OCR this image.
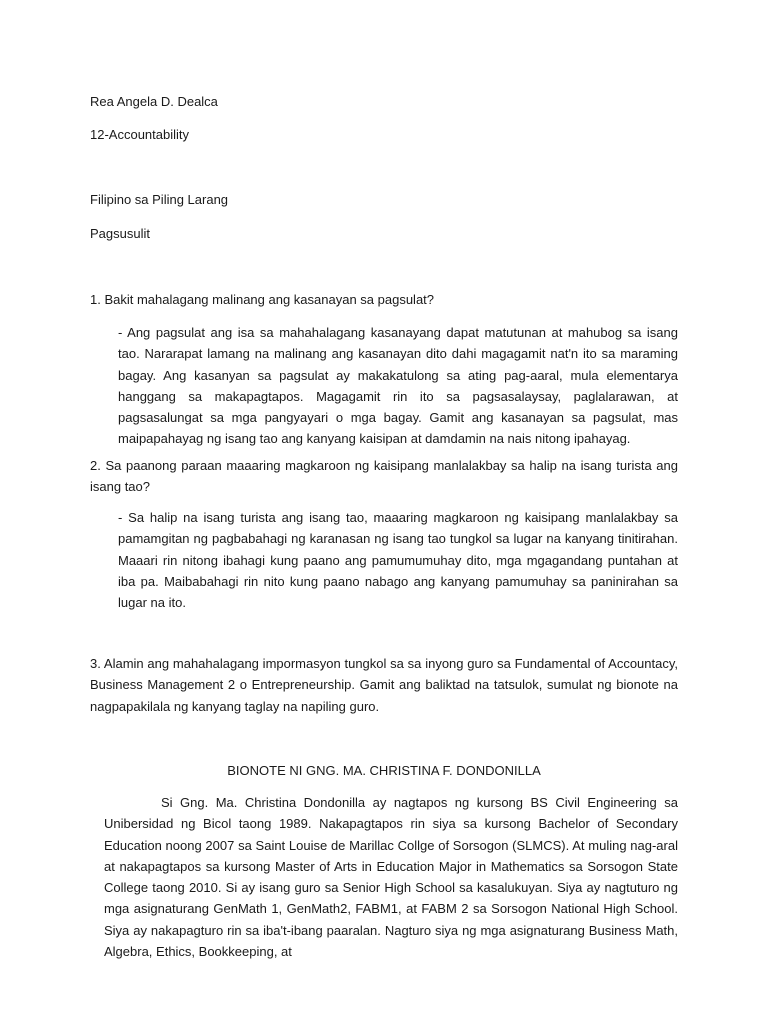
Rea Angela D. Dealca
12-Accountability
Filipino sa Piling Larang
Pagsusulit
1. Bakit mahalagang malinang ang kasanayan sa pagsulat?

- Ang pagsulat ang isa sa mahahalagang kasanayang dapat matutunan at mahubog sa isang tao. Nararapat lamang na malinang ang kasanayan dito dahi magagamit nat'n ito sa maraming bagay. Ang kasanyan sa pagsulat ay makakatulong sa ating pag-aaral, mula elementarya hanggang sa makapagtapos. Magagamit rin ito sa pagsasalaysay, paglalarawan, at pagsasalungat sa mga pangyayari o mga bagay. Gamit ang kasanayan sa pagsulat, mas maipapahayag ng isang tao ang kanyang kaisipan at damdamin na nais nitong ipahayag.

2. Sa paanong paraan maaaring magkaroon ng kaisipang manlalakbay sa halip na isang turista ang isang tao?

- Sa halip na isang turista ang isang tao, maaaring magkaroon ng kaisipang manlalakbay sa pamamgitan ng pagbabahagi ng karanasan ng isang tao tungkol sa lugar na kanyang tinitirahan. Maaari rin nitong ibahagi kung paano ang pamumumuhay dito, mga mgagandang puntahan at iba pa. Maibabahagi rin nito kung paano nabago ang kanyang pamumuhay sa paninirahan sa lugar na ito.

3. Alamin ang mahahalagang impormasyon tungkol sa sa inyong guro sa Fundamental of Accountacy, Business Management 2 o Entrepreneurship. Gamit ang baliktad na tatsulok, sumulat ng bionote na nagpapakilala ng kanyang taglay na napiling guro.

BIONOTE NI GNG. MA. CHRISTINA F. DONDONILLA

Si Gng. Ma. Christina Dondonilla ay nagtapos ng kursong BS Civil Engineering sa Unibersidad ng Bicol taong 1989. Nakapagtapos rin siya sa kursong Bachelor of Secondary Education noong 2007 sa Saint Louise de Marillac Collge of Sorsogon (SLMCS). At muling nag-aral at nakapagtapos sa kursong Master of Arts in Education Major in Mathematics sa Sorsogon State College taong 2010. Si ay isang guro sa Senior High School sa kasalukuyan. Siya ay nagtuturo ng mga asignaturang GenMath 1, GenMath2, FABM1, at FABM 2 sa Sorsogon National High School. Siya ay nakapagturo rin sa iba't-ibang paaralan. Nagturo siya ng mga asignaturang Business Math, Algebra, Ethics, Bookkeeping, at
